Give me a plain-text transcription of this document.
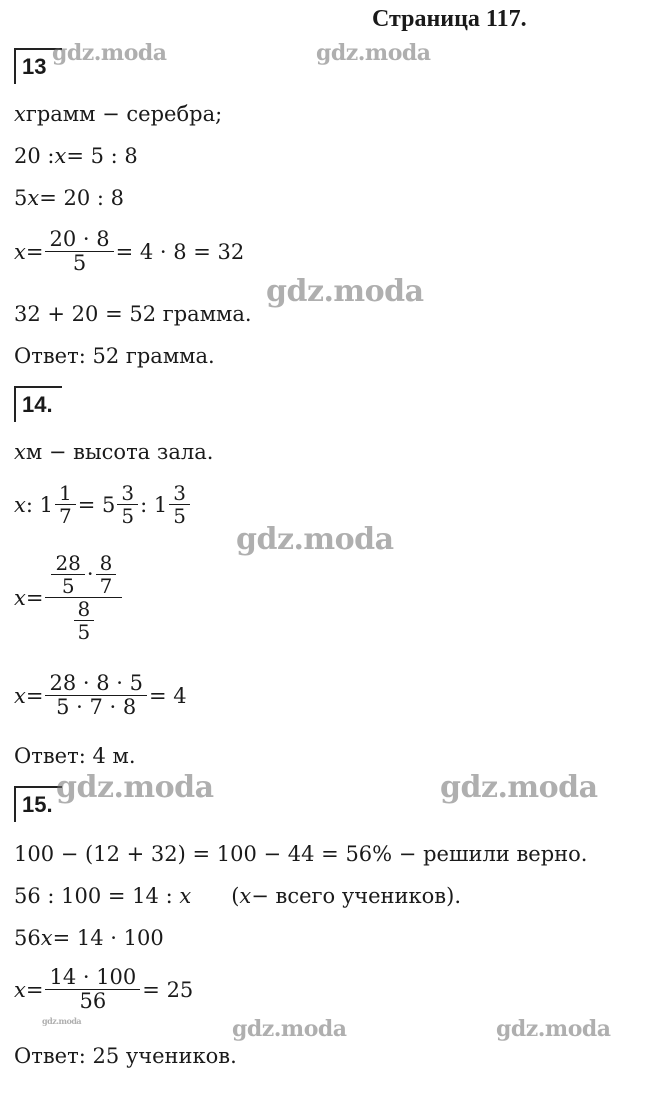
Страница 117.
13
x грамм − серебра;
20 : x = 5 : 8
5 x = 20 : 8
$x = \frac{20 \cdot 8}{5} = 4 \cdot 8 = 32$
32 + 20 = 52 грамма.
Ответ: 52 грамма.
14.
x м − высота зала.
x : $1 \frac{1}{7} = 5 \frac{3}{5}$ : $1 \frac{3}{5}$
$x = \frac{\frac{28}{5} \cdot \frac{8}{7}}{\frac{8}{5}}$
$x = \frac{28 \cdot 8 \cdot 5}{5 \cdot 7 \cdot 8} = 4$
Ответ: 4 м.
15.
100 − (12 + 32) = 100 − 44 = 56% − решили верно.
56 : 100 = 14 : x ( x − всего учеников).
56 x = 14 · 100
$x = \frac{14 \cdot 100}{56} = 25$
Ответ: 25 учеников.
gdz.moda	gdz.moda
gdz.moda
gdz.moda
gdz.moda	gdz.moda
gdz.moda	gdz.moda	gdz.moda
